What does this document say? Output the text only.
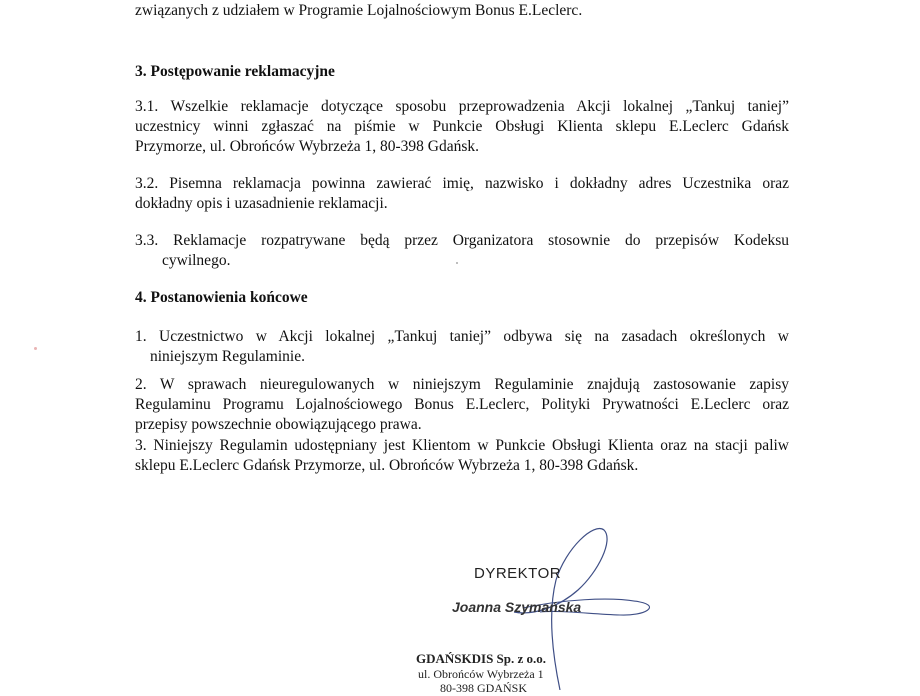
związanych z udziałem w Programie Lojalnościowym Bonus E.Leclerc.
3. Postępowanie reklamacyjne
3.1. Wszelkie reklamacje dotyczące sposobu przeprowadzenia Akcji lokalnej „Tankuj taniej”
uczestnicy winni zgłaszać na piśmie w Punkcie Obsługi Klienta sklepu E.Leclerc Gdańsk
Przymorze, ul. Obrońców Wybrzeża 1, 80-398 Gdańsk.
3.2. Pisemna reklamacja powinna zawierać imię, nazwisko i dokładny adres Uczestnika oraz
dokładny opis i uzasadnienie reklamacji.
3.3. Reklamacje rozpatrywane będą przez Organizatora stosownie do przepisów Kodeksu
cywilnego.
4. Postanowienia końcowe
1. Uczestnictwo w Akcji lokalnej „Tankuj taniej” odbywa się na zasadach określonych w
niniejszym Regulaminie.
2. W sprawach nieuregulowanych w niniejszym Regulaminie znajdują zastosowanie zapisy
Regulaminu Programu Lojalnościowego Bonus E.Leclerc, Polityki Prywatności E.Leclerc oraz
przepisy powszechnie obowiązującego prawa.
3. Niniejszy Regulamin udostępniany jest Klientom w Punkcie Obsługi Klienta oraz na stacji paliw
sklepu E.Leclerc Gdańsk Przymorze, ul. Obrońców Wybrzeża 1, 80-398 Gdańsk.
DYREKTOR
Joanna Szymańska
GDAŃSKDIS Sp. z o.o.
ul. Obrońców Wybrzeża 1
80-398 GDAŃSK
